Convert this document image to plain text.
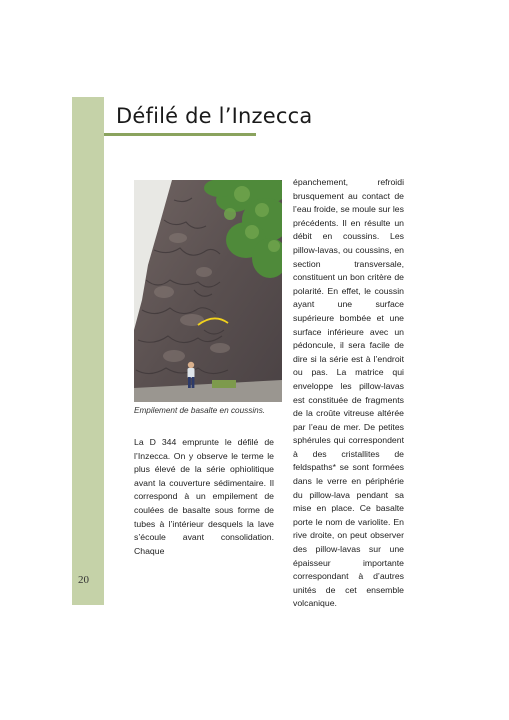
20
Défilé de l’Inzecca
Empilement de basalte en coussins.

La D 344 emprunte le défilé de l’Inzecca. On y observe le terme le plus élevé de la série ophiolitique avant la couverture sédimentaire. Il correspond à un empilement de coulées de basalte sous forme de tubes à l’intérieur desquels la lave s’écoule avant consolidation. Chaque

épanchement, refroidi brusquement au contact de l’eau froide, se moule sur les précédents. Il en résulte un débit en coussins. Les pillow-lavas, ou coussins, en section transversale, constituent un bon critère de polarité. En effet, le coussin ayant une surface supérieure bombée et une surface inférieure avec un pédoncule, il sera facile de dire si la série est à l’endroit ou pas. La matrice qui enveloppe les pillow-lavas est constituée de fragments de la croûte vitreuse altérée par l’eau de mer. De petites sphérules qui correspondent à des cristallites de feldspaths* se sont formées dans le verre en périphérie du pillow-lava pendant sa mise en place. Ce basalte porte le nom de variolite. En rive droite, on peut observer des pillow-lavas sur une épaisseur importante correspondant à d’autres unités de cet ensemble volcanique.
